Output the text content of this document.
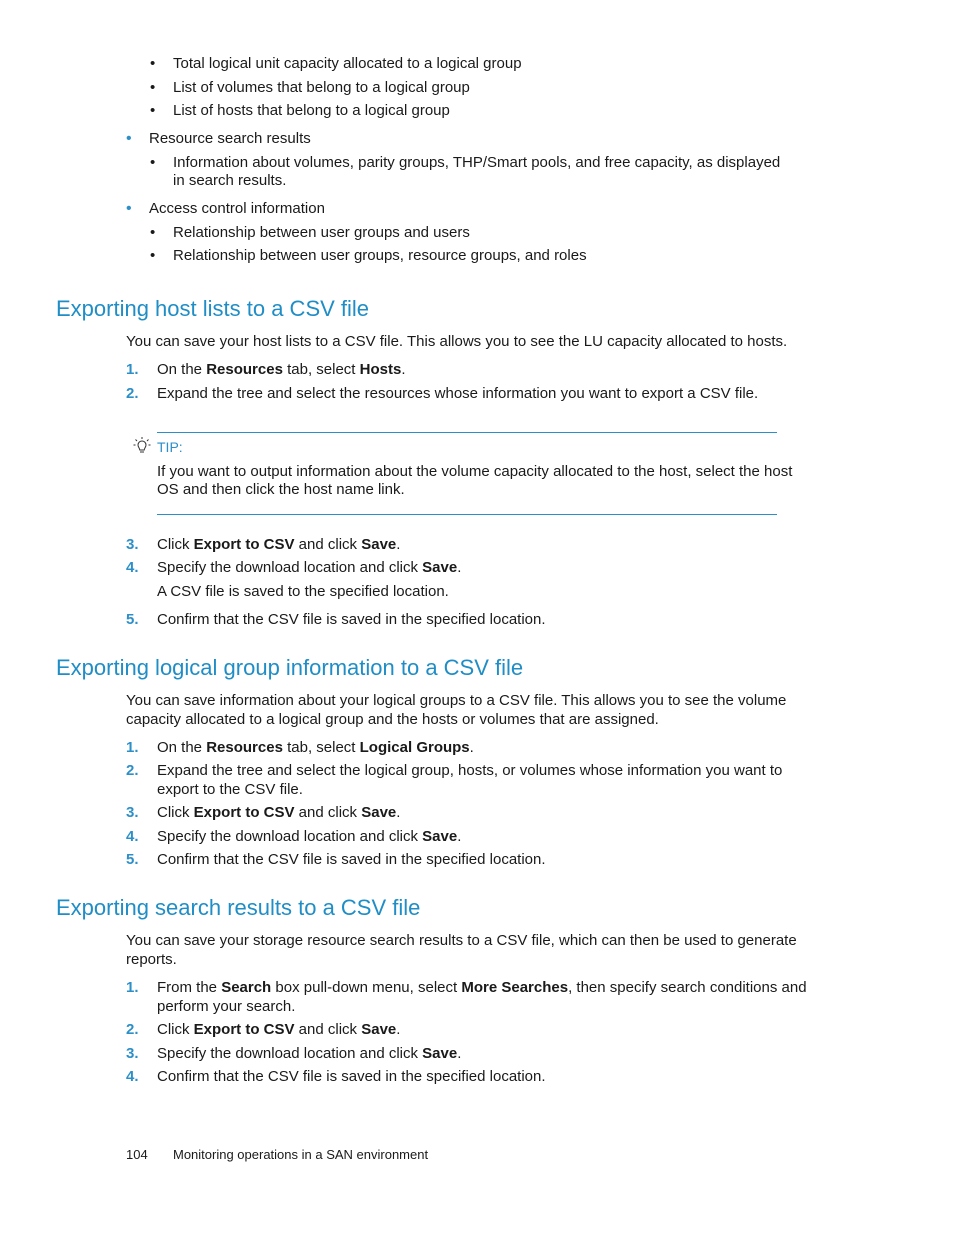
• Total logical unit capacity allocated to a logical group
• List of volumes that belong to a logical group
• List of hosts that belong to a logical group
• Resource search results
• Information about volumes, parity groups, THP/Smart pools, and free capacity, as displayed
in search results.
• Access control information
• Relationship between user groups and users
• Relationship between user groups, resource groups, and roles
Exporting host lists to a CSV file
You can save your host lists to a CSV file. This allows you to see the LU capacity allocated to hosts.
1. On the Resources tab, select Hosts.
2. Expand the tree and select the resources whose information you want to export a CSV file.
TIP:
If you want to output information about the volume capacity allocated to the host, select the host
OS and then click the host name link.
3. Click Export to CSV and click Save.
4. Specify the download location and click Save.
A CSV file is saved to the specified location.
5. Confirm that the CSV file is saved in the specified location.
Exporting logical group information to a CSV file
You can save information about your logical groups to a CSV file. This allows you to see the volume
capacity allocated to a logical group and the hosts or volumes that are assigned.
1. On the Resources tab, select Logical Groups.
2. Expand the tree and select the logical group, hosts, or volumes whose information you want to
export to the CSV file.
3. Click Export to CSV and click Save.
4. Specify the download location and click Save.
5. Confirm that the CSV file is saved in the specified location.
Exporting search results to a CSV file
You can save your storage resource search results to a CSV file, which can then be used to generate
reports.
1. From the Search box pull-down menu, select More Searches, then specify search conditions and
perform your search.
2. Click Export to CSV and click Save.
3. Specify the download location and click Save.
4. Confirm that the CSV file is saved in the specified location.
104 Monitoring operations in a SAN environment
